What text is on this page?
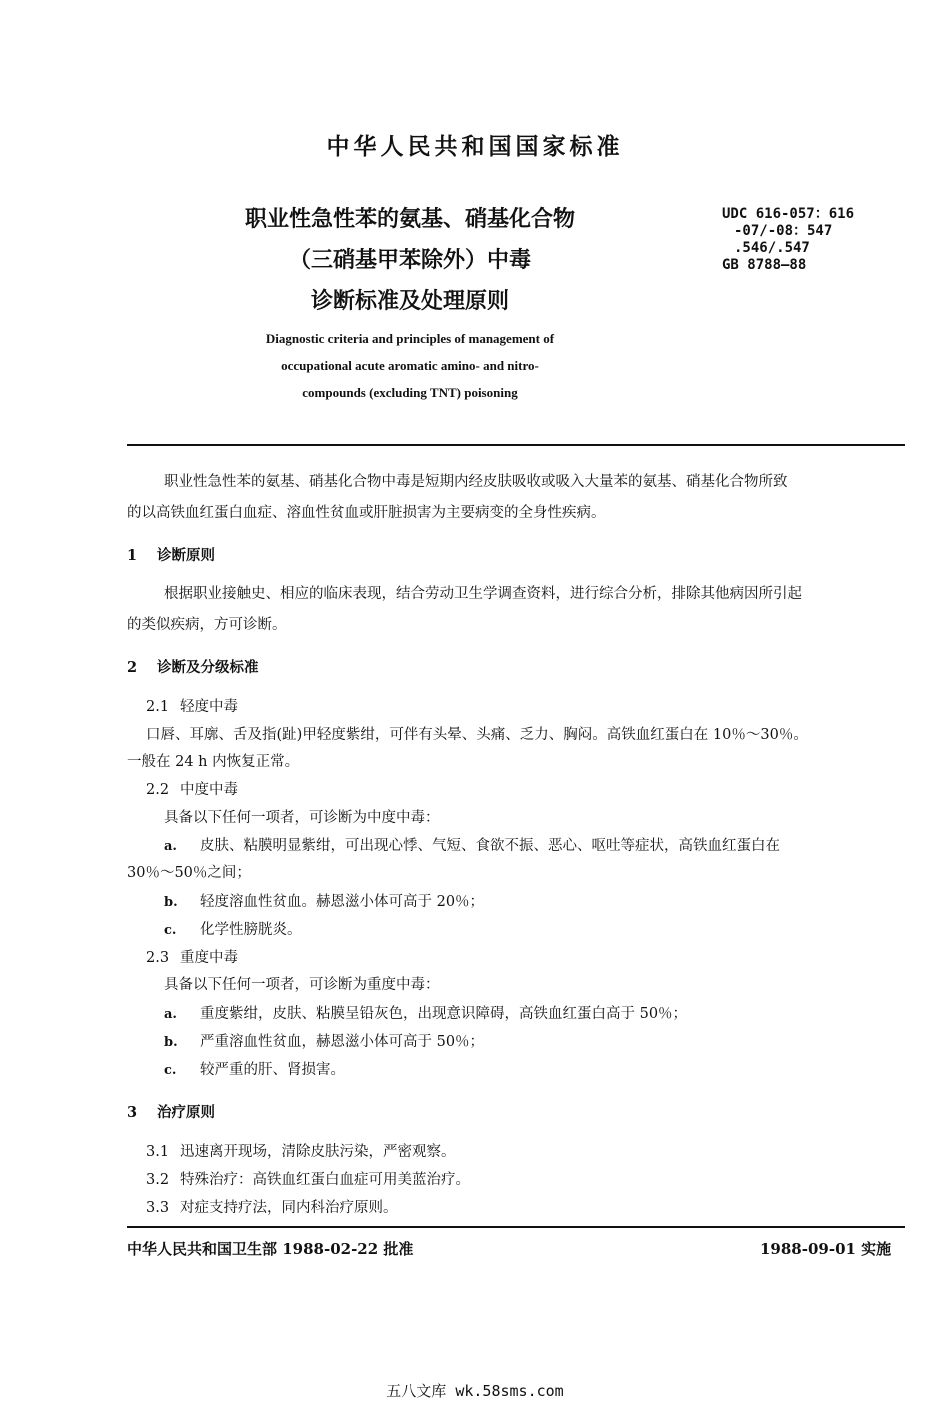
中华人民共和国国家标准
职业性急性苯的氨基、硝基化合物
（三硝基甲苯除外）中毒
诊断标准及处理原则
UDC 616-057：616
-07/-08：547
.546/.547
GB 8788—88
Diagnostic criteria and principles of management of
occupational acute aromatic amino- and nitro-
compounds (excluding TNT) poisoning
职业性急性苯的氨基、硝基化合物中毒是短期内经皮肤吸收或吸入大量苯的氨基、硝基化合物所致
的以高铁血红蛋白血症、溶血性贫血或肝脏损害为主要病变的全身性疾病。
1 诊断原则
根据职业接触史、相应的临床表现，结合劳动卫生学调查资料，进行综合分析，排除其他病因所引起
的类似疾病，方可诊断。
2 诊断及分级标准
2.1 轻度中毒
口唇、耳廓、舌及指(趾)甲轻度紫绀，可伴有头晕、头痛、乏力、胸闷。高铁血红蛋白在 10％～30％。
一般在 24 h 内恢复正常。
2.2 中度中毒
具备以下任何一项者，可诊断为中度中毒：
a. 皮肤、粘膜明显紫绀，可出现心悸、气短、食欲不振、恶心、呕吐等症状，高铁血红蛋白在
30％～50％之间；
b. 轻度溶血性贫血。赫恩滋小体可高于 20％；
c. 化学性膀胱炎。
2.3 重度中毒
具备以下任何一项者，可诊断为重度中毒：
a. 重度紫绀，皮肤、粘膜呈铅灰色，出现意识障碍，高铁血红蛋白高于 50％；
b. 严重溶血性贫血，赫恩滋小体可高于 50％；
c. 较严重的肝、肾损害。
3 治疗原则
3.1 迅速离开现场，清除皮肤污染，严密观察。
3.2 特殊治疗：高铁血红蛋白血症可用美蓝治疗。
3.3 对症支持疗法，同内科治疗原则。
中华人民共和国卫生部 1988-02-22 批准	1988-09-01 实施
五八文库 wk.58sms.com
